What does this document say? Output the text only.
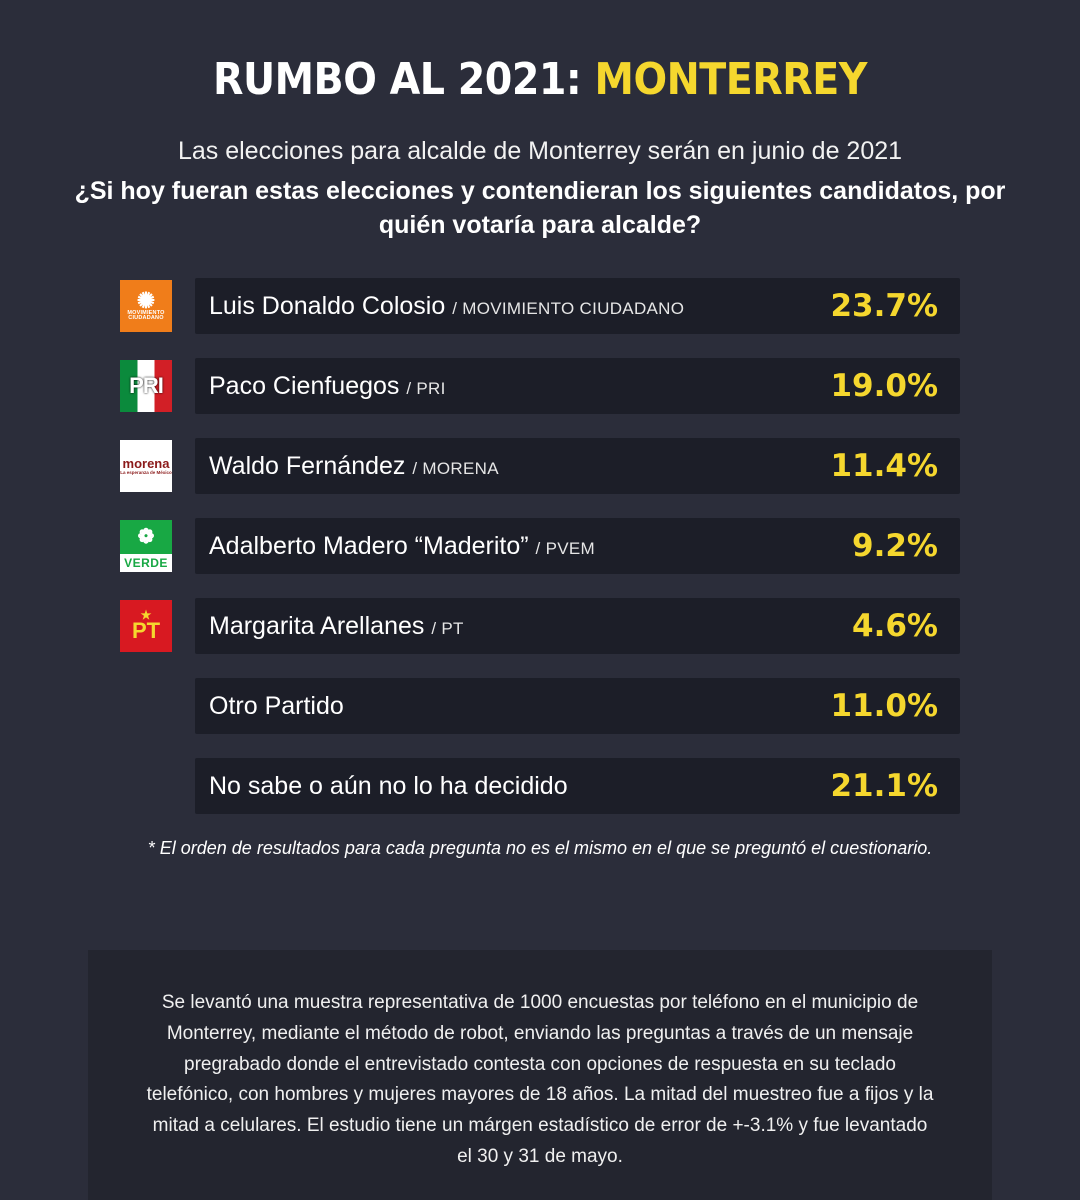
RUMBO AL 2021: MONTERREY
Las elecciones para alcalde de Monterrey serán en junio de 2021
¿Si hoy fueran estas elecciones y contendieran los siguientes candidatos, por quién votaría para alcalde?
✺
MOVIMIENTO CIUDADANO	Luis Donaldo Colosio / MOVIMIENTO CIUDADANO	23.7%
PRI	Paco Cienfuegos / PRI	19.0%
morena
La esperanza de México	Waldo Fernández / MORENA	11.4%
❁
VERDE
Adalberto Madero “Maderito” / PVEM	9.2%
★
PT	Margarita Arellanes / PT	4.6%
Otro Partido	11.0%
No sabe o aún no lo ha decidido	21.1%
* El orden de resultados para cada pregunta no es el mismo en el que se preguntó el cuestionario.
Se levantó una muestra representativa de 1000 encuestas por teléfono en el municipio de Monterrey, mediante el método de robot, enviando las preguntas a través de un mensaje pregrabado donde el entrevistado contesta con opciones de respuesta en su teclado telefónico, con hombres y mujeres mayores de 18 años. La mitad del muestreo fue a fijos y la mitad a celulares. El estudio tiene un márgen estadístico de error de +-3.1% y fue levantado el 30 y 31 de mayo.
